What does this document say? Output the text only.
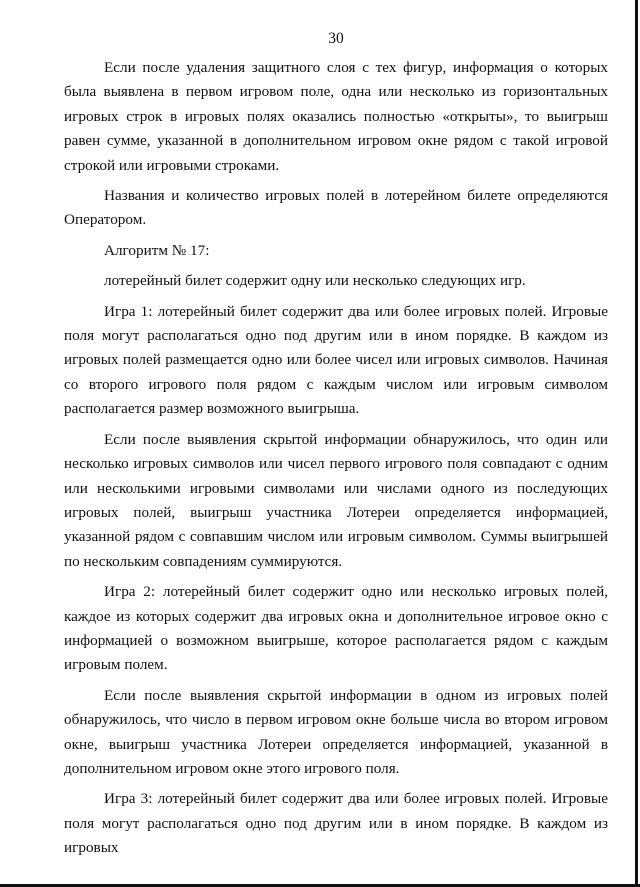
30

Если после удаления защитного слоя с тех фигур, информация о которых была выявлена в первом игровом поле, одна или несколько из горизонтальных игровых строк в игровых полях оказались полностью «открыты», то выигрыш равен сумме, указанной в дополнительном игровом окне рядом с такой игровой строкой или игровыми строками.

Названия и количество игровых полей в лотерейном билете определяются Оператором.

Алгоритм № 17:

лотерейный билет содержит одну или несколько следующих игр.

Игра 1: лотерейный билет содержит два или более игровых полей. Игровые поля могут располагаться одно под другим или в ином порядке. В каждом из игровых полей размещается одно или более чисел или игровых символов. Начиная со второго игрового поля рядом с каждым числом или игровым символом располагается размер возможного выигрыша.

Если после выявления скрытой информации обнаружилось, что один или несколько игровых символов или чисел первого игрового поля совпадают с одним или несколькими игровыми символами или числами одного из последующих игровых полей, выигрыш участника Лотереи определяется информацией, указанной рядом с совпавшим числом или игровым символом. Суммы выигрышей по нескольким совпадениям суммируются.

Игра 2: лотерейный билет содержит одно или несколько игровых полей, каждое из которых содержит два игровых окна и дополнительное игровое окно с информацией о возможном выигрыше, которое располагается рядом с каждым игровым полем.

Если после выявления скрытой информации в одном из игровых полей обнаружилось, что число в первом игровом окне больше числа во втором игровом окне, выигрыш участника Лотереи определяется информацией, указанной в дополнительном игровом окне этого игрового поля.

Игра 3: лотерейный билет содержит два или более игровых полей. Игровые поля могут располагаться одно под другим или в ином порядке. В каждом из игровых
